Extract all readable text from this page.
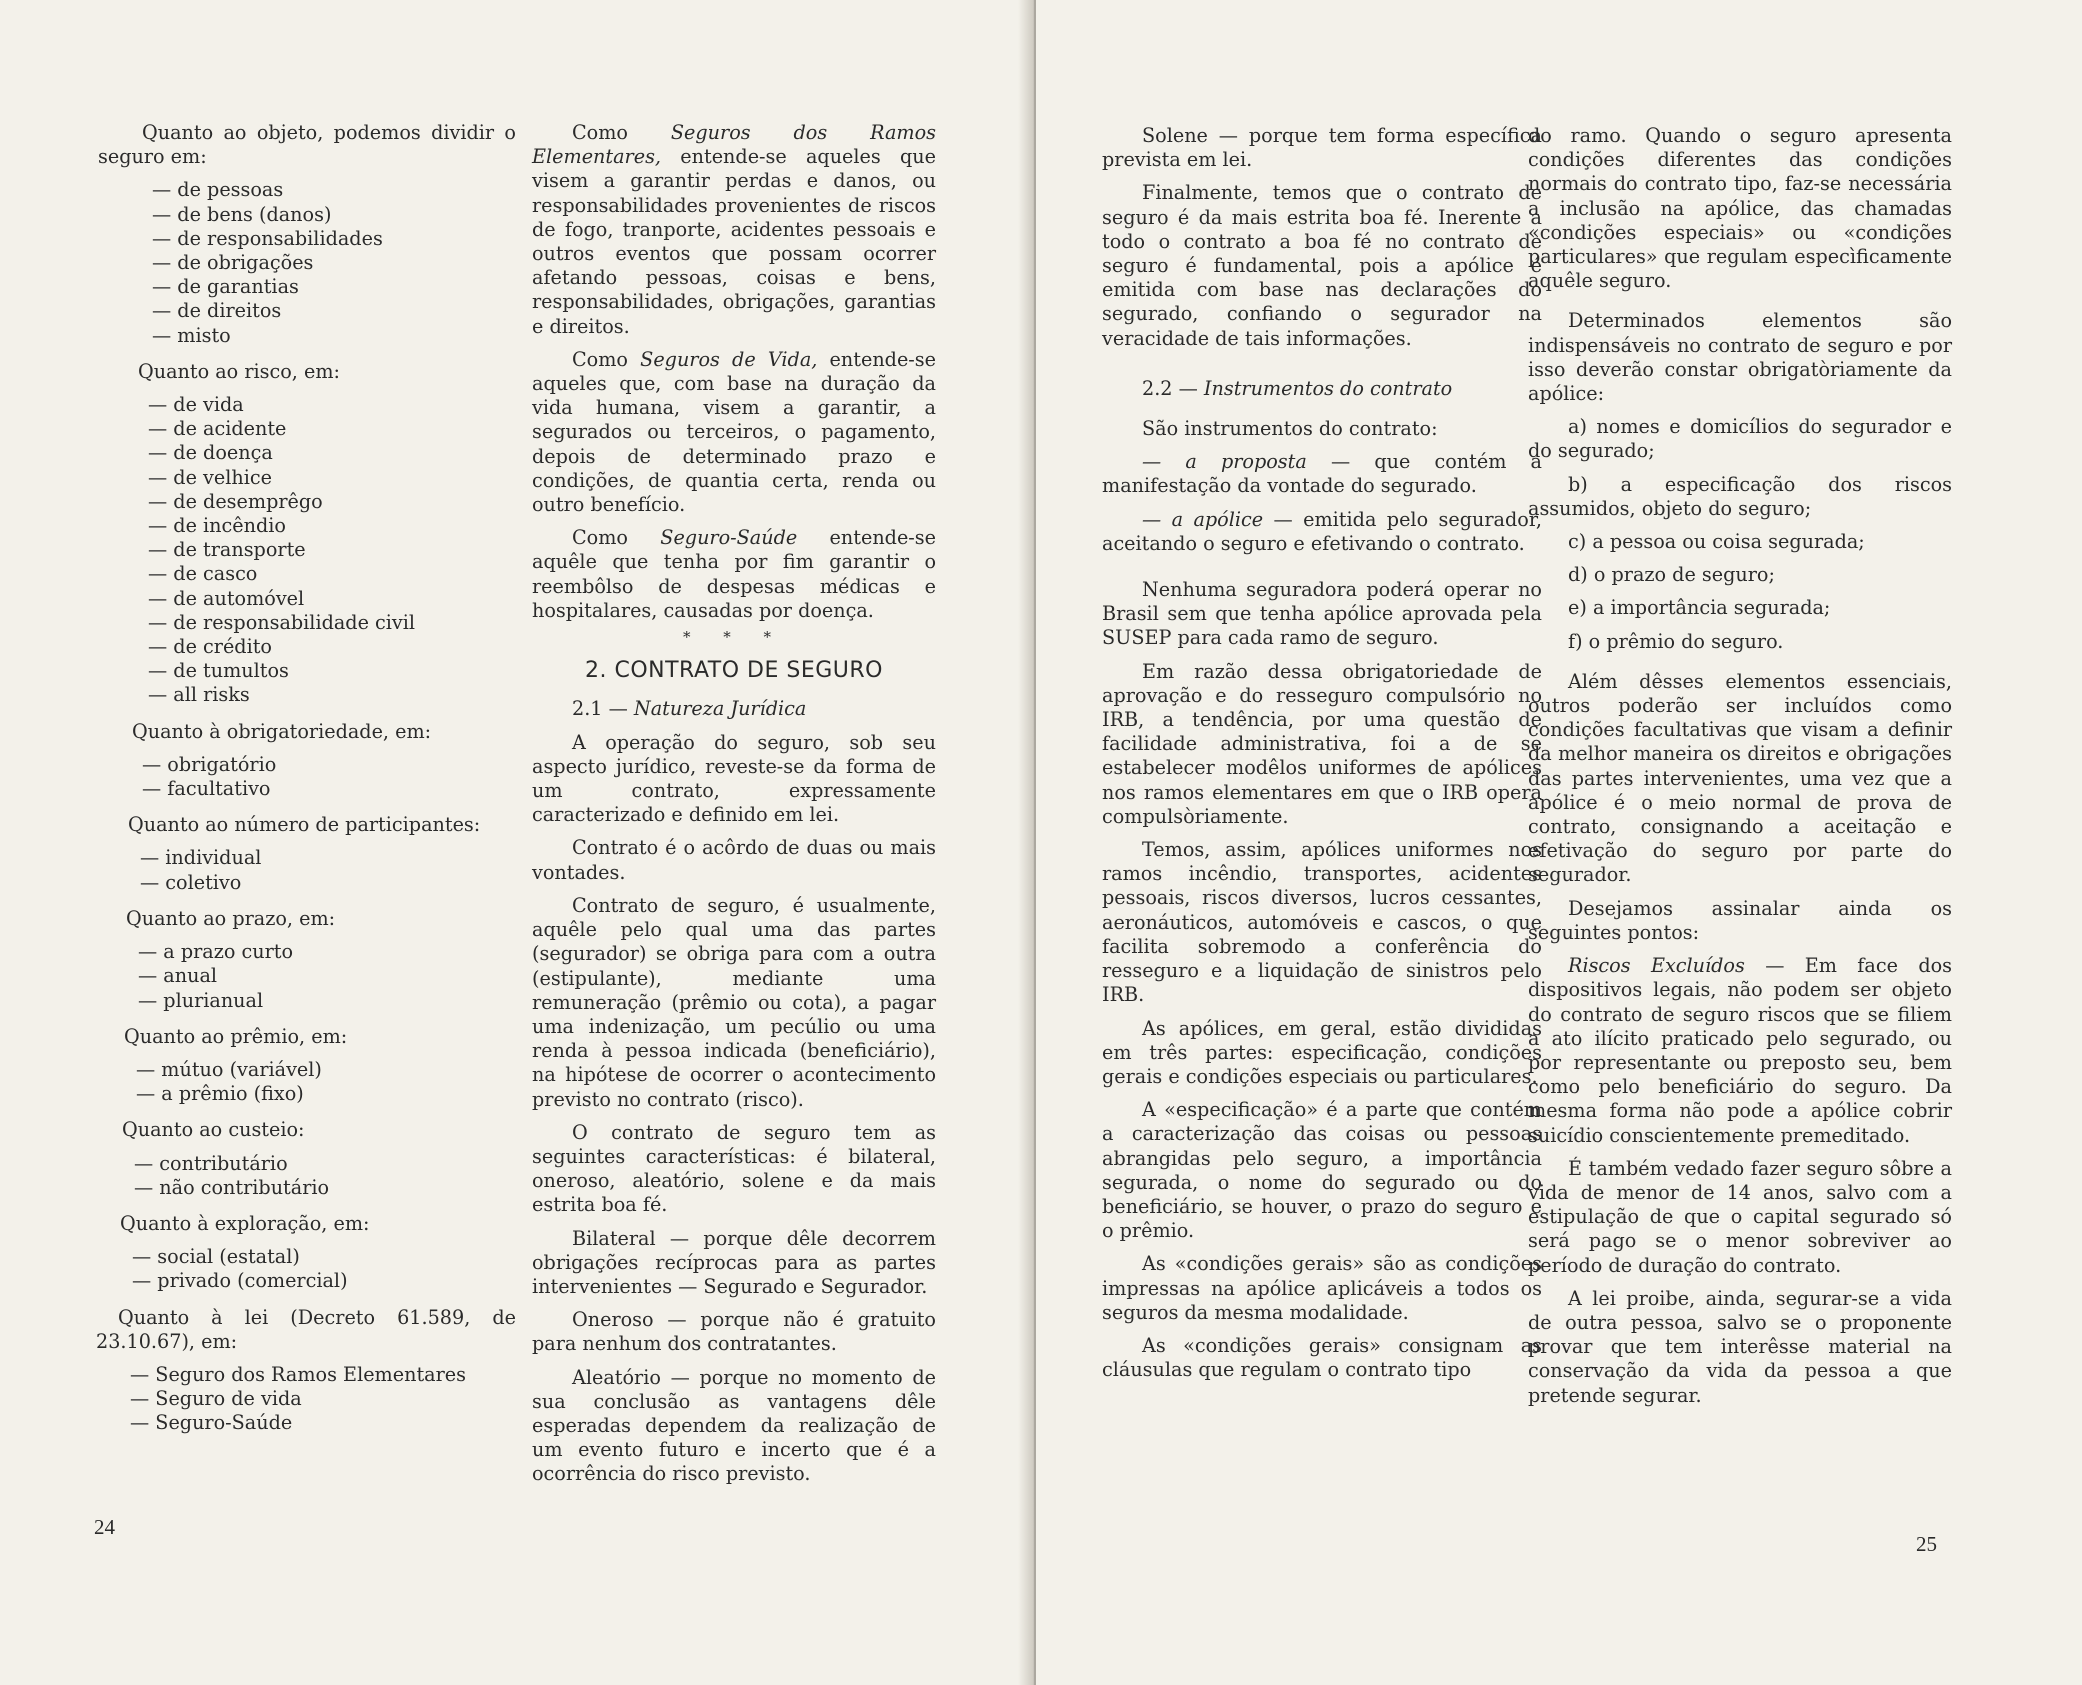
Quanto ao objeto, podemos dividir o seguro em:

— de pessoas
— de bens (danos)
— de responsabilidades
— de obrigações
— de garantias
— de direitos
— misto

Quanto ao risco, em:

— de vida
— de acidente
— de doença
— de velhice
— de desemprêgo
— de incêndio
— de transporte
— de casco
— de automóvel
— de responsabilidade civil
— de crédito
— de tumultos
— all risks

Quanto à obrigatoriedade, em:

— obrigatório
— facultativo

Quanto ao número de participantes:

— individual
— coletivo

Quanto ao prazo, em:

— a prazo curto
— anual
— plurianual

Quanto ao prêmio, em:

— mútuo (variável)
— a prêmio (fixo)

Quanto ao custeio:

— contributário
— não contributário

Quanto à exploração, em:

— social (estatal)
— privado (comercial)

Quanto à lei (Decreto 61.589, de 23.10.67), em:

— Seguro dos Ramos Elementares
— Seguro de vida
— Seguro-Saúde

Como Seguros dos Ramos Elementares, entende-se aqueles que visem a garantir perdas e danos, ou responsabilidades provenientes de riscos de fogo, tranporte, acidentes pessoais e outros eventos que possam ocorrer afetando pessoas, coisas e bens, responsabilidades, obrigações, garantias e direitos.

Como Seguros de Vida, entende-se aqueles que, com base na duração da vida humana, visem a garantir, a segurados ou terceiros, o pagamento, depois de determinado prazo e condições, de quantia certa, renda ou outro benefício.

Como Seguro-Saúde entende-se aquêle que tenha por fim garantir o reembôlso de despesas médicas e hospitalares, causadas por doença.

* * *
2. CONTRATO DE SEGURO

2.1 — Natureza Jurídica

A operação do seguro, sob seu aspecto jurídico, reveste-se da forma de um contrato, expressamente caracterizado e definido em lei.

Contrato é o acôrdo de duas ou mais vontades.

Contrato de seguro, é usualmente, aquêle pelo qual uma das partes (segurador) se obriga para com a outra (estipulante), mediante uma remuneração (prêmio ou cota), a pagar uma indenização, um pecúlio ou uma renda à pessoa indicada (beneficiário), na hipótese de ocorrer o acontecimento previsto no contrato (risco).

O contrato de seguro tem as seguintes características: é bilateral, oneroso, aleatório, solene e da mais estrita boa fé.

Bilateral — porque dêle decorrem obrigações recíprocas para as partes intervenientes — Segurado e Segurador.

Oneroso — porque não é gratuito para nenhum dos contratantes.

Aleatório — porque no momento de sua conclusão as vantagens dêle esperadas dependem da realização de um evento futuro e incerto que é a ocorrência do risco previsto.

24

Solene — porque tem forma específica prevista em lei.

Finalmente, temos que o contrato de seguro é da mais estrita boa fé. Inerente a todo o contrato a boa fé no contrato de seguro é fundamental, pois a apólice é emitida com base nas declarações do segurado, confiando o segurador na veracidade de tais informações.

2.2 — Instrumentos do contrato

São instrumentos do contrato:

— a proposta — que contém a manifestação da vontade do segurado.

— a apólice — emitida pelo segurador, aceitando o seguro e efetivando o contrato.

Nenhuma seguradora poderá operar no Brasil sem que tenha apólice aprovada pela SUSEP para cada ramo de seguro.

Em razão dessa obrigatoriedade de aprovação e do resseguro compulsório no IRB, a tendência, por uma questão de facilidade administrativa, foi a de se estabelecer modêlos uniformes de apólices nos ramos elementares em que o IRB opera compulsòriamente.

Temos, assim, apólices uniformes nos ramos incêndio, transportes, acidentes pessoais, riscos diversos, lucros cessantes, aeronáuticos, automóveis e cascos, o que facilita sobremodo a conferência do resseguro e a liquidação de sinistros pelo IRB.

As apólices, em geral, estão divididas em três partes: especificação, condições gerais e condições especiais ou particulares.

A «especificação» é a parte que contém a caracterização das coisas ou pessoas abrangidas pelo seguro, a importância segurada, o nome do segurado ou do beneficiário, se houver, o prazo do seguro e o prêmio.

As «condições gerais» são as condições impressas na apólice aplicáveis a todos os seguros da mesma modalidade.

As «condições gerais» consignam as cláusulas que regulam o contrato tipo

do ramo. Quando o seguro apresenta condições diferentes das condições normais do contrato tipo, faz-se necessária a inclusão na apólice, das chamadas «condições especiais» ou «condições particulares» que regulam especìficamente aquêle seguro.

Determinados elementos são indispensáveis no contrato de seguro e por isso deverão constar obrigatòriamente da apólice:

a) nomes e domicílios do segurador e do segurado;

b) a especificação dos riscos assumidos, objeto do seguro;

c) a pessoa ou coisa segurada;

d) o prazo de seguro;

e) a importância segurada;

f) o prêmio do seguro.

Além dêsses elementos essenciais, outros poderão ser incluídos como condições facultativas que visam a definir da melhor maneira os direitos e obrigações das partes intervenientes, uma vez que a apólice é o meio normal de prova de contrato, consignando a aceitação e efetivação do seguro por parte do segurador.

Desejamos assinalar ainda os seguintes pontos:

Riscos Excluídos — Em face dos dispositivos legais, não podem ser objeto do contrato de seguro riscos que se filiem a ato ilícito praticado pelo segurado, ou por representante ou preposto seu, bem como pelo beneficiário do seguro. Da mesma forma não pode a apólice cobrir suicídio conscientemente premeditado.

É também vedado fazer seguro sôbre a vida de menor de 14 anos, salvo com a estipulação de que o capital segurado só será pago se o menor sobreviver ao período de duração do contrato.

A lei proibe, ainda, segurar-se a vida de outra pessoa, salvo se o proponente provar que tem interêsse material na conservação da vida da pessoa a que pretende segurar.

25
